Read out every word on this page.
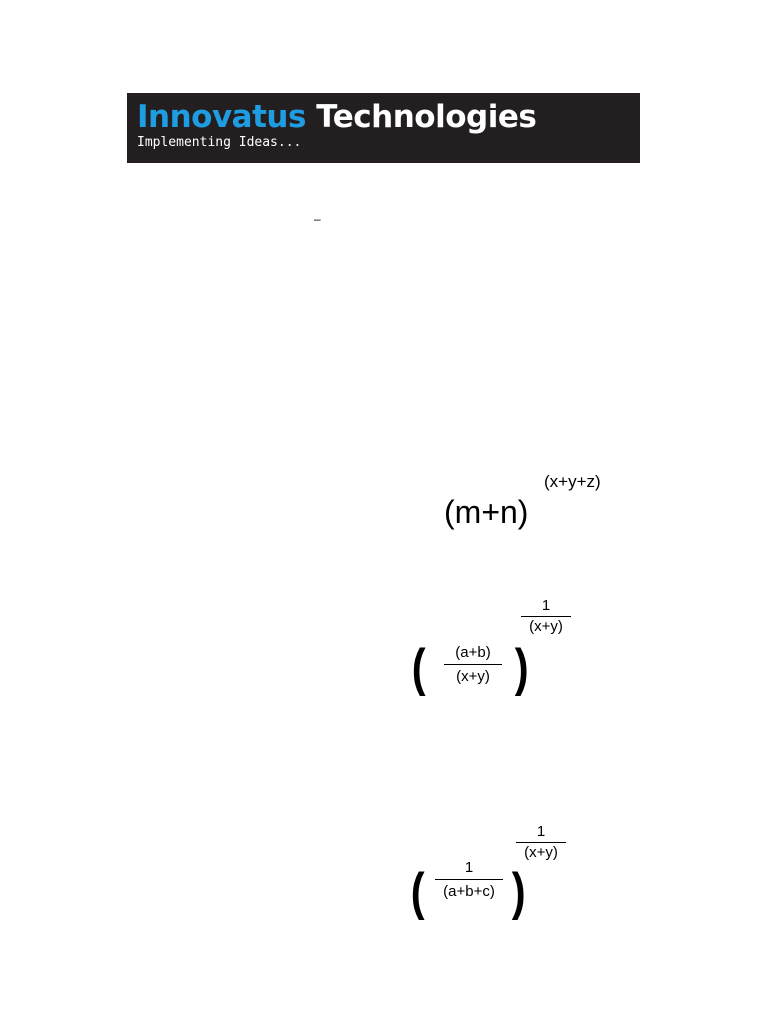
Innovatus Technologies
Implementing Ideas...
–
(m+n)
(x+y+z)
( $\frac{(a+b)}{(x+y)}$ )
$\frac{1}{(x+y)}$
( $\frac{1}{(a+b+c)}$ )
$\frac{1}{(x+y)}$
